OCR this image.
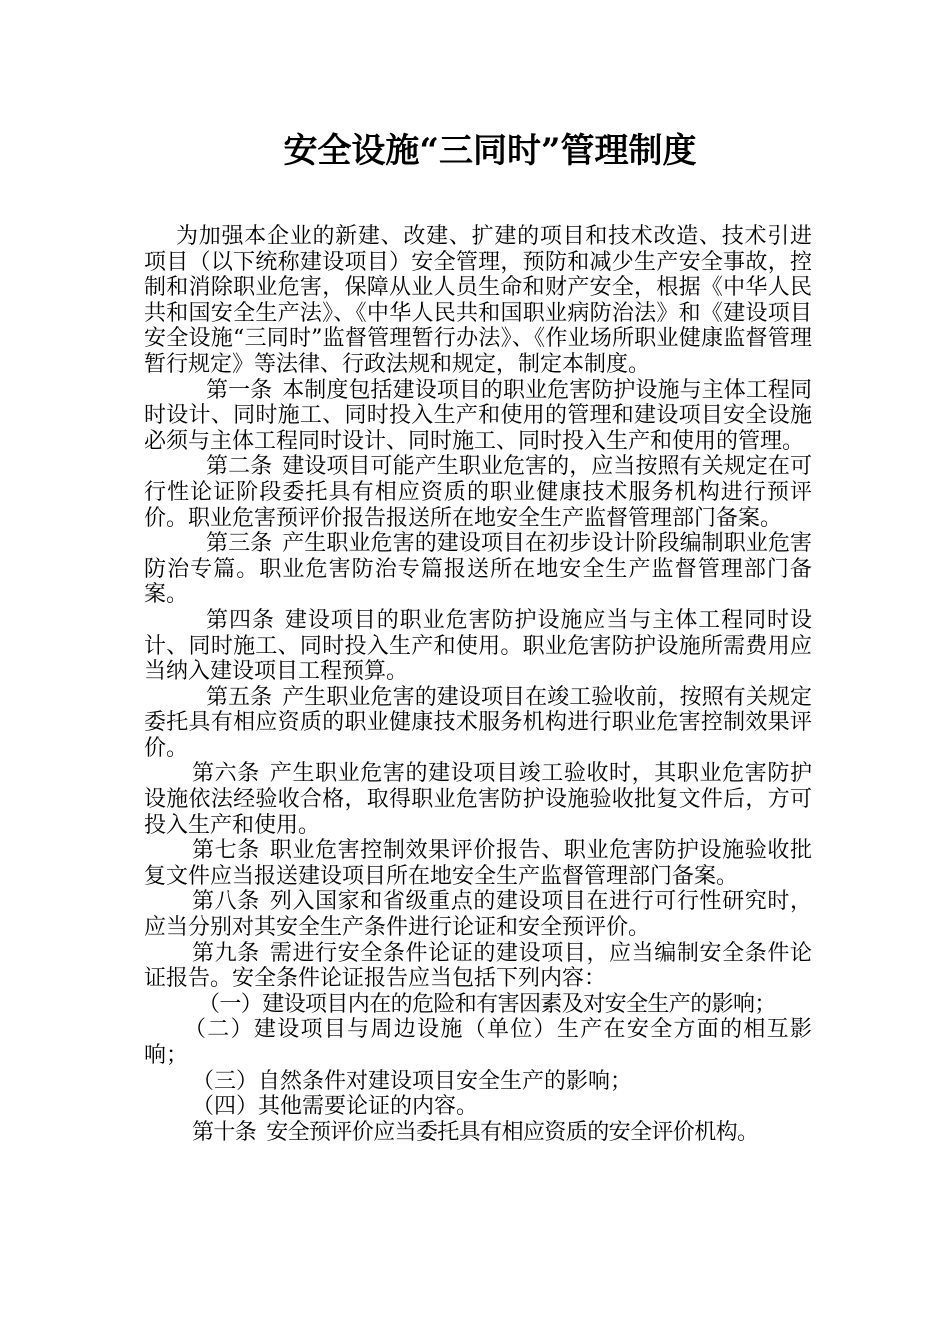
安全设施“三同时”管理制度

为加强本企业的新建、改建、扩建的项目和技术改造、技术引进项目（以下统称建设项目）安全管理，预防和减少生产安全事故，控制和消除职业危害，保障从业人员生命和财产安全，根据《中华人民共和国安全生产法》、《中华人民共和国职业病防治法》和《建设项目安全设施“三同时”监督管理暂行办法》、《作业场所职业健康监督管理暂行规定》等法律、行政法规和规定，制定本制度。

第一条 本制度包括建设项目的职业危害防护设施与主体工程同时设计、同时施工、同时投入生产和使用的管理和建设项目安全设施必须与主体工程同时设计、同时施工、同时投入生产和使用的管理。

第二条 建设项目可能产生职业危害的，应当按照有关规定在可行性论证阶段委托具有相应资质的职业健康技术服务机构进行预评价。职业危害预评价报告报送所在地安全生产监督管理部门备案。

第三条 产生职业危害的建设项目在初步设计阶段编制职业危害防治专篇。职业危害防治专篇报送所在地安全生产监督管理部门备案。

第四条 建设项目的职业危害防护设施应当与主体工程同时设计、同时施工、同时投入生产和使用。职业危害防护设施所需费用应当纳入建设项目工程预算。

第五条 产生职业危害的建设项目在竣工验收前，按照有关规定委托具有相应资质的职业健康技术服务机构进行职业危害控制效果评价。

第六条 产生职业危害的建设项目竣工验收时，其职业危害防护设施依法经验收合格，取得职业危害防护设施验收批复文件后，方可投入生产和使用。

第七条 职业危害控制效果评价报告、职业危害防护设施验收批复文件应当报送建设项目所在地安全生产监督管理部门备案。

第八条 列入国家和省级重点的建设项目在进行可行性研究时，应当分别对其安全生产条件进行论证和安全预评价。

第九条 需进行安全条件论证的建设项目，应当编制安全条件论证报告。安全条件论证报告应当包括下列内容：

（一）建设项目内在的危险和有害因素及对安全生产的影响；

（二）建设项目与周边设施（单位）生产在安全方面的相互影响；

（三）自然条件对建设项目安全生产的影响；

（四）其他需要论证的内容。

第十条 安全预评价应当委托具有相应资质的安全评价机构。
